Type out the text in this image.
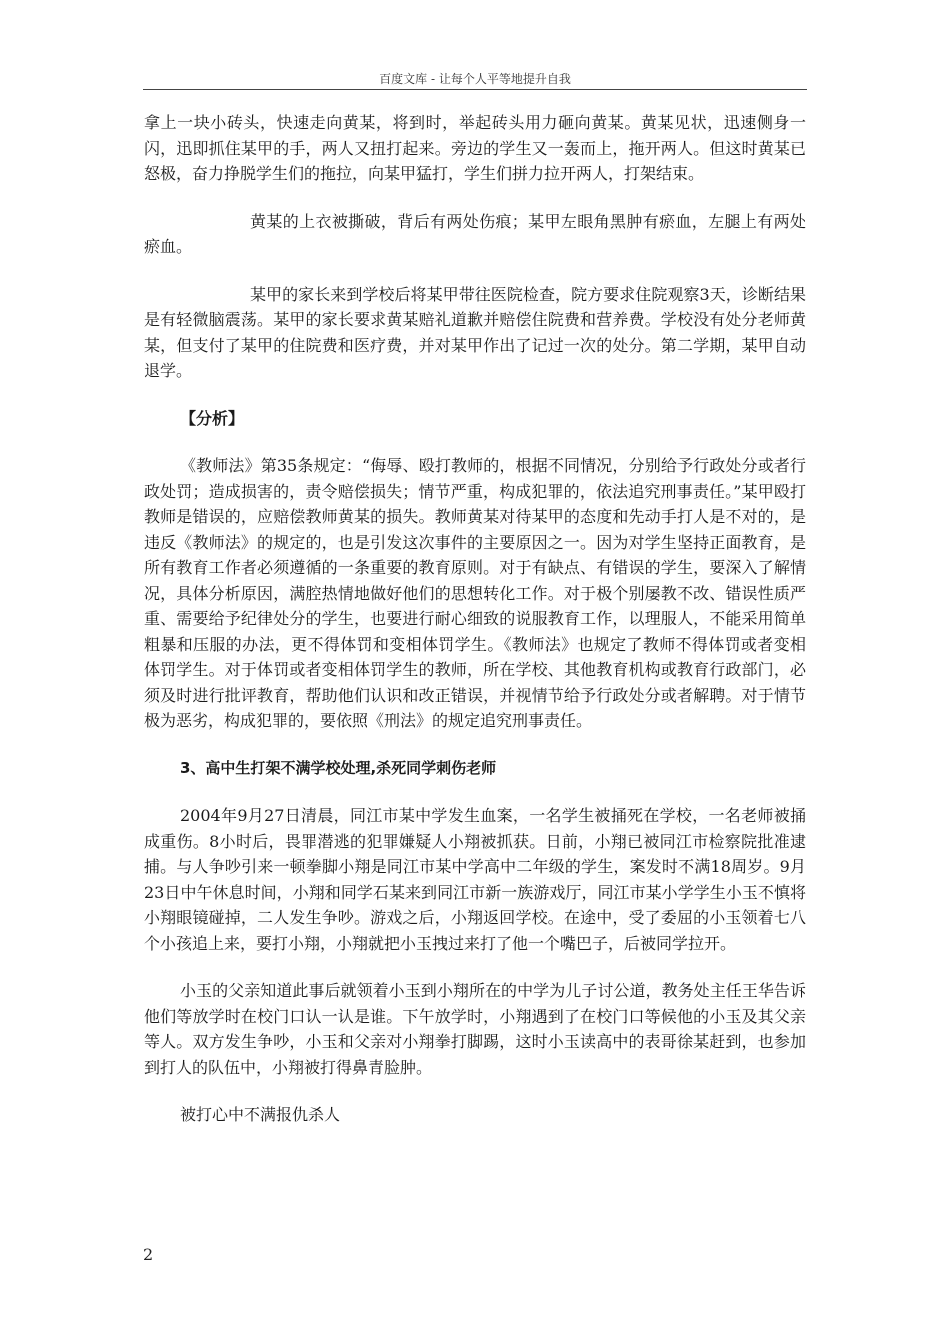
百度文库 - 让每个人平等地提升自我

拿上一块小砖头，快速走向黄某，将到时，举起砖头用力砸向黄某。黄某见状，迅速侧身一闪，迅即抓住某甲的手，两人又扭打起来。旁边的学生又一轰而上，拖开两人。但这时黄某已怒极，奋力挣脱学生们的拖拉，向某甲猛打，学生们拼力拉开两人，打架结束。

黄某的上衣被撕破，背后有两处伤痕；某甲左眼角黑肿有瘀血，左腿上有两处瘀血。

某甲的家长来到学校后将某甲带往医院检查，院方要求住院观察3天，诊断结果是有轻微脑震荡。某甲的家长要求黄某赔礼道歉并赔偿住院费和营养费。学校没有处分老师黄某，但支付了某甲的住院费和医疗费，并对某甲作出了记过一次的处分。第二学期，某甲自动退学。

【分析】

《教师法》第35条规定：“侮辱、殴打教师的，根据不同情况，分别给予行政处分或者行政处罚；造成损害的，责令赔偿损失；情节严重，构成犯罪的，依法追究刑事责任。”某甲殴打教师是错误的，应赔偿教师黄某的损失。教师黄某对待某甲的态度和先动手打人是不对的，是违反《教师法》的规定的，也是引发这次事件的主要原因之一。因为对学生坚持正面教育，是所有教育工作者必须遵循的一条重要的教育原则。对于有缺点、有错误的学生，要深入了解情况，具体分析原因，满腔热情地做好他们的思想转化工作。对于极个别屡教不改、错误性质严重、需要给予纪律处分的学生，也要进行耐心细致的说服教育工作，以理服人，不能采用简单粗暴和压服的办法，更不得体罚和变相体罚学生。《教师法》也规定了教师不得体罚或者变相体罚学生。对于体罚或者变相体罚学生的教师，所在学校、其他教育机构或教育行政部门，必须及时进行批评教育，帮助他们认识和改正错误，并视情节给予行政处分或者解聘。对于情节极为恶劣，构成犯罪的，要依照《刑法》的规定追究刑事责任。

3、高中生打架不满学校处理,杀死同学刺伤老师

2004年9月27日清晨，同江市某中学发生血案，一名学生被捅死在学校，一名老师被捅成重伤。8小时后，畏罪潜逃的犯罪嫌疑人小翔被抓获。日前，小翔已被同江市检察院批准逮捕。与人争吵引来一顿拳脚小翔是同江市某中学高中二年级的学生，案发时不满18周岁。9月23日中午休息时间，小翔和同学石某来到同江市新一族游戏厅，同江市某小学学生小玉不慎将小翔眼镜碰掉，二人发生争吵。游戏之后，小翔返回学校。在途中，受了委屈的小玉领着七八个小孩追上来，要打小翔，小翔就把小玉拽过来打了他一个嘴巴子，后被同学拉开。

小玉的父亲知道此事后就领着小玉到小翔所在的中学为儿子讨公道，教务处主任王华告诉他们等放学时在校门口认一认是谁。下午放学时，小翔遇到了在校门口等候他的小玉及其父亲等人。双方发生争吵，小玉和父亲对小翔拳打脚踢，这时小玉读高中的表哥徐某赶到，也参加到打人的队伍中，小翔被打得鼻青脸肿。

被打心中不满报仇杀人

2
